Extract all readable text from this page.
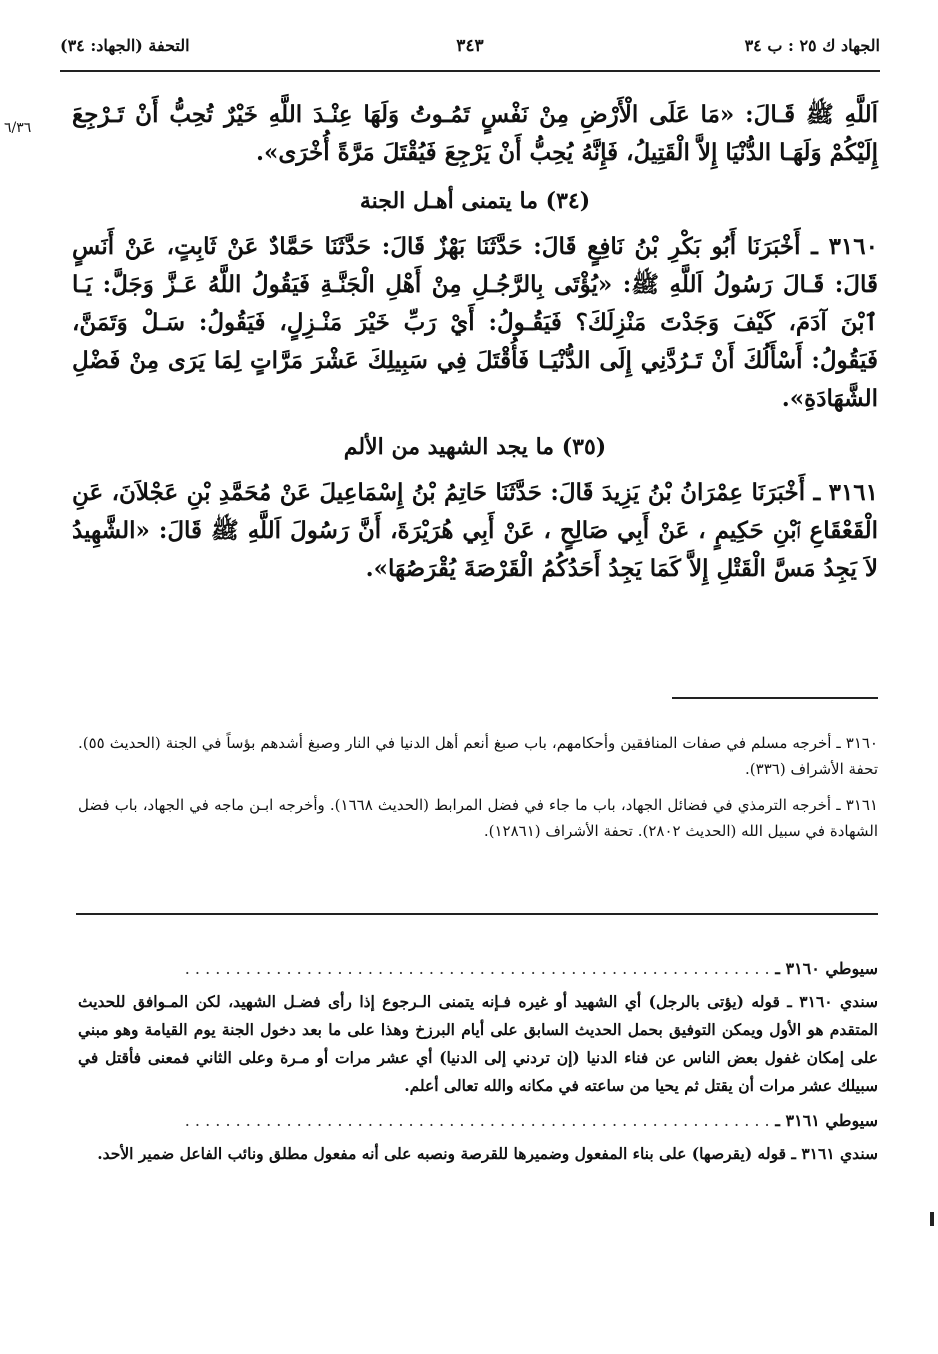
الجهاد ك ٢٥ : ب ٣٤
٣٤٣
التحفة (الجهاد: ٣٤)
٦/٣٦ اَللَّهِ ﷺ قَـالَ: «مَا عَلَى الْأَرْضِ مِنْ نَفْسٍ تَمُـوتُ وَلَهَا عِنْـدَ اللَّهِ خَيْرٌ تُحِبُّ أَنْ تَـرْجِعَ إِلَيْكُمْ وَلَهَـا الدُّنْيَا إِلاَّ الْقَتِيلُ، فَإِنَّهُ يُحِبُّ أَنْ يَرْجِعَ فَيُقْتَلَ مَرَّةً أُخْرَى».

(٣٤) ما يتمنى أهـل الجنة

٣١٦٠ ـ أَخْبَرَنَا أَبُو بَكْرِ بْنُ نَافِعٍ قَالَ: حَدَّثَنَا بَهْزٌ قَالَ: حَدَّثَنَا حَمَّادٌ عَنْ ثَابِتٍ، عَنْ أَنَسٍ قَالَ: قَـالَ رَسُولُ اَللَّهِ ﷺ: «يُؤْتَى بِالرَّجُـلِ مِنْ أَهْلِ الْجَنَّـةِ فَيَقُولُ اللَّهُ عَـزَّ وَجَلَّ: يَـا ٱبْنَ آدَمَ، كَيْفَ وَجَدْتَ مَنْزِلَكَ؟ فَيَقُـولُ: أَيْ رَبِّ خَيْرَ مَنْـزِلٍ، فَيَقُولُ: سَـلْ وَتَمَنَّ، فَيَقُولُ: أَسْأَلُكَ أَنْ تَـرُدَّنِي إِلَى الدُّنْيَـا فَأُقْتَلَ فِي سَبِيلِكَ عَشْرَ مَرَّاتٍ لِمَا يَرَى مِنْ فَضْلِ الشَّهَادَةِ».

(٣٥) ما يجد الشهيد من الألم

٣١٦١ ـ أَخْبَرَنَا عِمْرَانُ بْنُ يَزِيدَ قَالَ: حَدَّثَنَا حَاتِمُ بْنُ إِسْمَاعِيلَ عَنْ مُحَمَّدِ بْنِ عَجْلاَنَ، عَنِ الْقَعْقَاعِ ٱبْنِ حَكِيمٍ ، عَنْ أَبِي صَالِحٍ ، عَنْ أَبِي هُرَيْرَةَ، أَنَّ رَسُولَ اَللَّهِ ﷺ قَالَ: «الشَّهِيدُ لاَ يَجِدُ مَسَّ الْقَتْلِ إِلاَّ كَمَا يَجِدُ أَحَدُكُمُ الْقَرْصَةَ يُقْرَصُهَا».

٣١٦٠ ـ أخرجه مسلم في صفات المنافقين وأحكامهم، باب صبغ أنعم أهل الدنيا في النار وصبغ أشدهم بؤساً في الجنة (الحديث ٥٥). تحفة الأشراف (٣٣٦).

٣١٦١ ـ أخرجه الترمذي في فضائل الجهاد، باب ما جاء في فضل المرابط (الحديث ١٦٦٨). وأخرجه ابـن ماجه في الجهاد، باب فضل الشهادة في سبيل الله (الحديث ٢٨٠٢). تحفة الأشراف (١٢٨٦١).

سيوطي ٣١٦٠ ـ . . . . . . . . . . . . . . . . . . . . . . . . . . . . . . . . . . . . . . . . . . . . . . . . . . . . . . . . . .

سندي ٣١٦٠ ـ قوله (يؤتى بالرجل) أي الشهيد أو غيره فـإنه يتمنى الـرجوع إذا رأى فضـل الشهيد، لكن المـوافق للحديث المتقدم هو الأول ويمكن التوفيق بحمل الحديث السابق على أيام البرزخ وهذا على ما بعد دخول الجنة يوم القيامة وهو مبني على إمكان غفول بعض الناس عن فناء الدنيا (إن تردني إلى الدنيا) أي عشر مرات أو مـرة وعلى الثاني فمعنى فأقتل في سبيلك عشر مرات أن يقتل ثم يحيا من ساعته في مكانه والله تعالى أعلم.

سيوطي ٣١٦١ ـ . . . . . . . . . . . . . . . . . . . . . . . . . . . . . . . . . . . . . . . . . . . . . . . . . . . . . . . . . .

سندي ٣١٦١ ـ قوله (يقرصها) على بناء المفعول وضميرها للقرصة ونصبه على أنه مفعول مطلق ونائب الفاعل ضمير الأحد.
